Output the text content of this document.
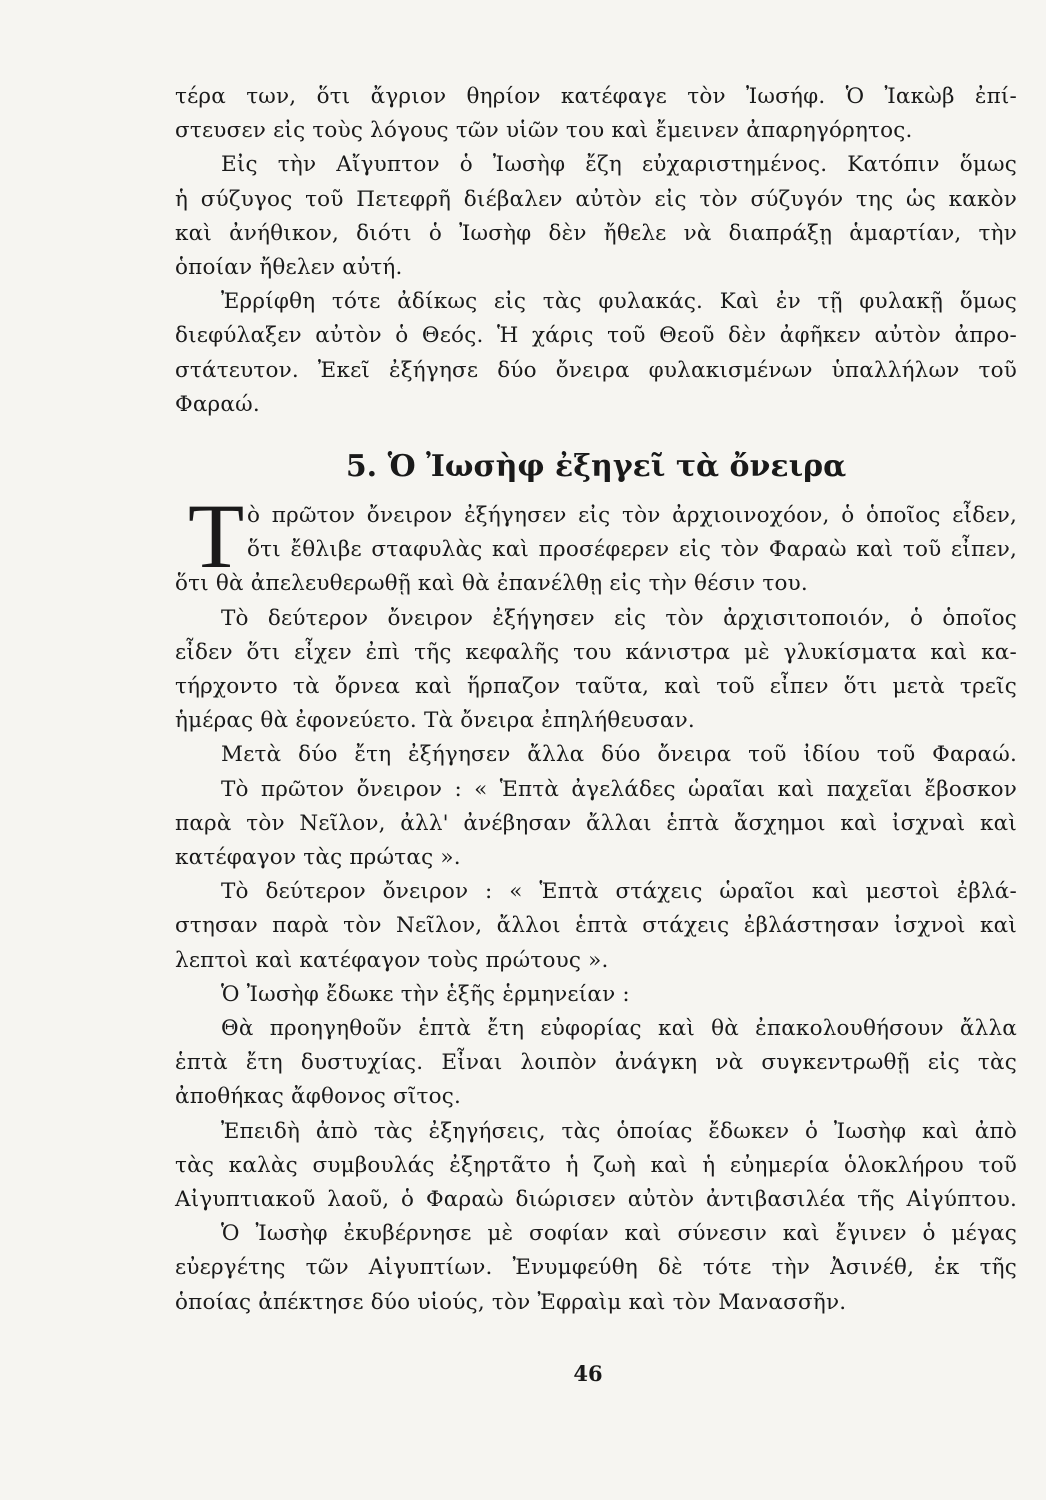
τέρα των, ὅτι ἄγριον θηρίον κατέφαγε τὸν Ἰωσήφ. Ὁ Ἰακὼβ ἐπί-
στευσεν εἰς τοὺς λόγους τῶν υἱῶν του καὶ ἔμεινεν ἀπαρηγόρητος.
Εἰς τὴν Αἴγυπτον ὁ Ἰωσὴφ ἔζη εὐχαριστημένος. Κατόπιν ὅμως
ἡ σύζυγος τοῦ Πετεφρῆ διέβαλεν αὐτὸν εἰς τὸν σύζυγόν της ὡς κακὸν
καὶ ἀνήθικον, διότι ὁ Ἰωσὴφ δὲν ἤθελε νὰ διαπράξῃ ἁμαρτίαν, τὴν
ὁποίαν ἤθελεν αὐτή.
Ἐρρίφθη τότε ἀδίκως εἰς τὰς φυλακάς. Καὶ ἐν τῇ φυλακῇ ὅμως
διεφύλαξεν αὐτὸν ὁ Θεός. Ἡ χάρις τοῦ Θεοῦ δὲν ἀφῆκεν αὐτὸν ἀπρο-
στάτευτον. Ἐκεῖ ἐξήγησε δύο ὄνειρα φυλακισμένων ὑπαλλήλων τοῦ
Φαραώ.
5. Ὁ Ἰωσὴφ ἐξηγεῖ τὰ ὄνειρα
Τ ὸ πρῶτον ὄνειρον ἐξήγησεν εἰς τὸν ἀρχιοινοχόον, ὁ ὁποῖος εἶδεν,
ὅτι ἔθλιβε σταφυλὰς καὶ προσέφερεν εἰς τὸν Φαραὼ καὶ τοῦ εἶπεν,
ὅτι θὰ ἀπελευθερωθῇ καὶ θὰ ἐπανέλθῃ εἰς τὴν θέσιν του.
Τὸ δεύτερον ὄνειρον ἐξήγησεν εἰς τὸν ἀρχισιτοποιόν, ὁ ὁποῖος
εἶδεν ὅτι εἶχεν ἐπὶ τῆς κεφαλῆς του κάνιστρα μὲ γλυκίσματα καὶ κα-
τήρχοντο τὰ ὄρνεα καὶ ἥρπαζον ταῦτα, καὶ τοῦ εἶπεν ὅτι μετὰ τρεῖς
ἡμέρας θὰ ἐφονεύετο. Τὰ ὄνειρα ἐπηλήθευσαν.
Μετὰ δύο ἔτη ἐξήγησεν ἄλλα δύο ὄνειρα τοῦ ἰδίου τοῦ Φαραώ.
Τὸ πρῶτον ὄνειρον : « Ἑπτὰ ἀγελάδες ὡραῖαι καὶ παχεῖαι ἔβοσκον
παρὰ τὸν Νεῖλον, ἀλλ' ἀνέβησαν ἄλλαι ἑπτὰ ἄσχημοι καὶ ἰσχναὶ καὶ
κατέφαγον τὰς πρώτας ».
Τὸ δεύτερον ὄνειρον : « Ἑπτὰ στάχεις ὡραῖοι καὶ μεστοὶ ἐβλά-
στησαν παρὰ τὸν Νεῖλον, ἄλλοι ἑπτὰ στάχεις ἐβλάστησαν ἰσχνοὶ καὶ
λεπτοὶ καὶ κατέφαγον τοὺς πρώτους ».
Ὁ Ἰωσὴφ ἔδωκε τὴν ἑξῆς ἑρμηνείαν :
Θὰ προηγηθοῦν ἑπτὰ ἔτη εὐφορίας καὶ θὰ ἐπακολουθήσουν ἄλλα
ἑπτὰ ἔτη δυστυχίας. Εἶναι λοιπὸν ἀνάγκη νὰ συγκεντρωθῇ εἰς τὰς
ἀποθήκας ἄφθονος σῖτος.
Ἐπειδὴ ἀπὸ τὰς ἐξηγήσεις, τὰς ὁποίας ἔδωκεν ὁ Ἰωσὴφ καὶ ἀπὸ
τὰς καλὰς συμβουλάς ἐξηρτᾶτο ἡ ζωὴ καὶ ἡ εὐημερία ὁλοκλήρου τοῦ
Αἰγυπτιακοῦ λαοῦ, ὁ Φαραὼ διώρισεν αὐτὸν ἀντιβασιλέα τῆς Αἰγύπτου.
Ὁ Ἰωσὴφ ἐκυβέρνησε μὲ σοφίαν καὶ σύνεσιν καὶ ἔγινεν ὁ μέγας
εὐεργέτης τῶν Αἰγυπτίων. Ἐνυμφεύθη δὲ τότε τὴν Ἀσινέθ, ἐκ τῆς
ὁποίας ἀπέκτησε δύο υἱούς, τὸν Ἐφραὶμ καὶ τὸν Μανασσῆν.
46
